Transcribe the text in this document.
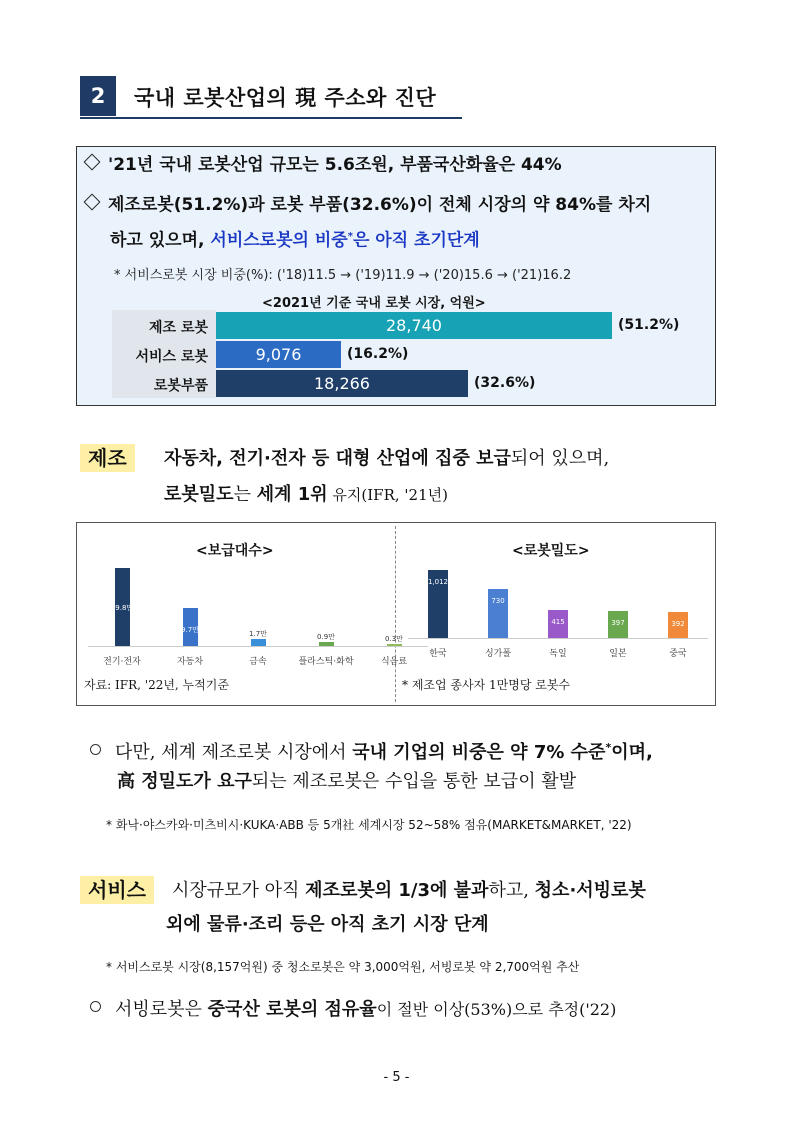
2	국내 로봇산업의 現 주소와 진단
'21년 국내 로봇산업 규모는 5.6조원, 부품국산화율은 44%
제조로봇(51.2%)과 로봇 부품(32.6%)이 전체 시장의 약 84%를 차지
하고 있으며, 서비스로봇의 비중*은 아직 초기단계
* 서비스로봇 시장 비중(%): ('18)11.5 → ('19)11.9 → ('20)15.6 → ('21)16.2
<2021년 기준 국내 로봇 시장, 억원>
제조 로봇	28,740	(51.2%)
서비스 로봇	9,076	(16.2%)
로봇부품	18,266	(32.6%)
제조	자동차, 전기·전자 등 대형 산업에 집중 보급되어 있으며,
로봇밀도는 세계 1위 유지(IFR, '21년)
<보급대수>	<로봇밀도>
19.8만
전기·전자
9.7만
자동차
1.7만
금속
0.9만
플라스틱·화학
0.3만
식음료
1,012
한국
730
싱가폴
415
독일
397
일본
392
중국
자료: IFR, '22년, 누적기준	* 제조업 종사자 1만명당 로봇수
다만, 세계 제조로봇 시장에서 국내 기업의 비중은 약 7% 수준*이며,
高 정밀도가 요구되는 제조로봇은 수입을 통한 보급이 활발
* 화낙·야스카와·미츠비시·KUKA·ABB 등 5개社 세계시장 52~58% 점유(MARKET&MARKET, '22)
서비스	시장규모가 아직 제조로봇의 1/3에 불과하고, 청소·서빙로봇
외에 물류·조리 등은 아직 초기 시장 단계
* 서비스로봇 시장(8,157억원) 중 청소로봇은 약 3,000억원, 서빙로봇 약 2,700억원 추산
서빙로봇은 중국산 로봇의 점유율이 절반 이상(53%)으로 추정('22)
- 5 -
